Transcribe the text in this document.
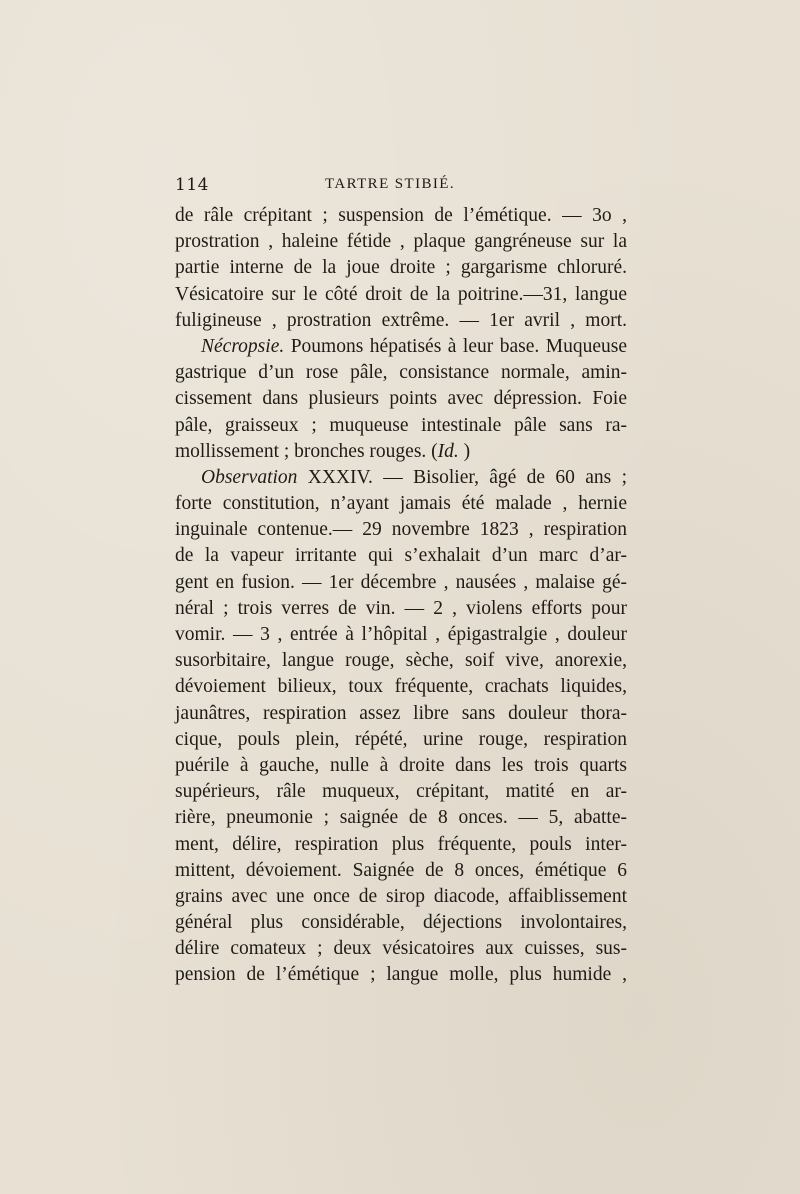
114	TARTRE STIBIÉ.
de râle crépitant ; suspension de l’émétique. — 3o ,
prostration , haleine fétide , plaque gangréneuse sur la
partie interne de la joue droite ; gargarisme chloruré.
Vésicatoire sur le côté droit de la poitrine.—31, langue
fuligineuse , prostration extrême. — 1er avril , mort.
Nécropsie. Poumons hépatisés à leur base. Muqueuse
gastrique d’un rose pâle, consistance normale, amin-
cissement dans plusieurs points avec dépression. Foie
pâle, graisseux ; muqueuse intestinale pâle sans ra-
mollissement ; bronches rouges. (Id. )
Observation XXXIV. — Bisolier, âgé de 60 ans ;
forte constitution, n’ayant jamais été malade , hernie
inguinale contenue.— 29 novembre 1823 , respiration
de la vapeur irritante qui s’exhalait d’un marc d’ar-
gent en fusion. — 1er décembre , nausées , malaise gé-
néral ; trois verres de vin. — 2 , violens efforts pour
vomir. — 3 , entrée à l’hôpital , épigastralgie , douleur
susorbitaire, langue rouge, sèche, soif vive, anorexie,
dévoiement bilieux, toux fréquente, crachats liquides,
jaunâtres, respiration assez libre sans douleur thora-
cique, pouls plein, répété, urine rouge, respiration
puérile à gauche, nulle à droite dans les trois quarts
supérieurs, râle muqueux, crépitant, matité en ar-
rière, pneumonie ; saignée de 8 onces. — 5, abatte-
ment, délire, respiration plus fréquente, pouls inter-
mittent, dévoiement. Saignée de 8 onces, émétique 6
grains avec une once de sirop diacode, affaiblissement
général plus considérable, déjections involontaires,
délire comateux ; deux vésicatoires aux cuisses, sus-
pension de l’émétique ; langue molle, plus humide ,
